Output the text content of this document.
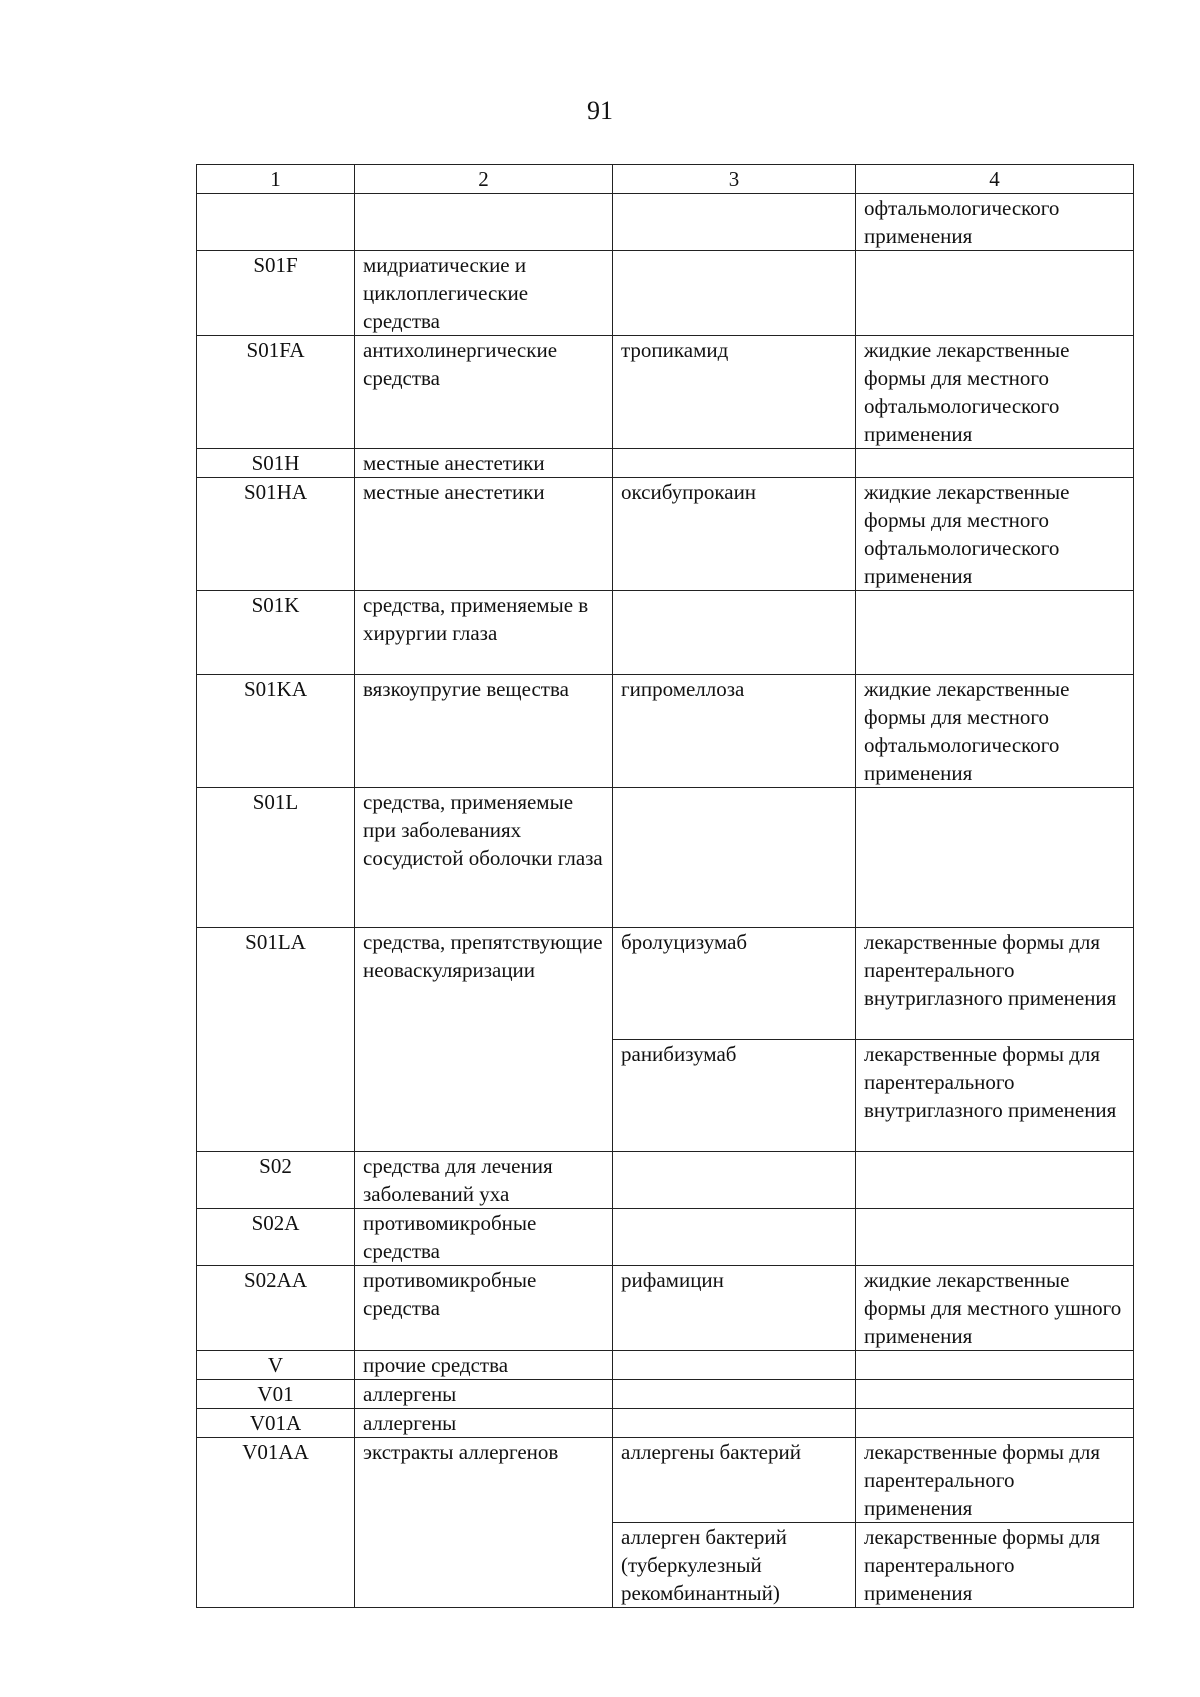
91
1	2	3	4
			офтальмологического применения
S01F	мидриатические и циклоплегические средства		
S01FA	антихолинергические средства	тропикамид	жидкие лекарственные формы для местного офтальмологического применения
S01H	местные анестетики		
S01HA	местные анестетики	оксибупрокаин	жидкие лекарственные формы для местного офтальмологического применения
S01K	средства, применяемые в хирургии глаза		
S01KA	вязкоупругие вещества	гипромеллоза	жидкие лекарственные формы для местного офтальмологического применения
S01L	средства, применяемые при заболеваниях сосудистой оболочки глаза		
S01LA	средства, препятствующие неоваскуляризации	бролуцизумаб	лекарственные формы для парентерального внутриглазного применения
		ранибизумаб	лекарственные формы для парентерального внутриглазного применения
S02	средства для лечения заболеваний уха		
S02A	противомикробные средства		
S02AA	противомикробные средства	рифамицин	жидкие лекарственные формы для местного ушного применения
V	прочие средства		
V01	аллергены		
V01A	аллергены		
V01AA	экстракты аллергенов	аллергены бактерий	лекарственные формы для парентерального применения
		аллерген бактерий (туберкулезный рекомбинантный)	лекарственные формы для парентерального применения
